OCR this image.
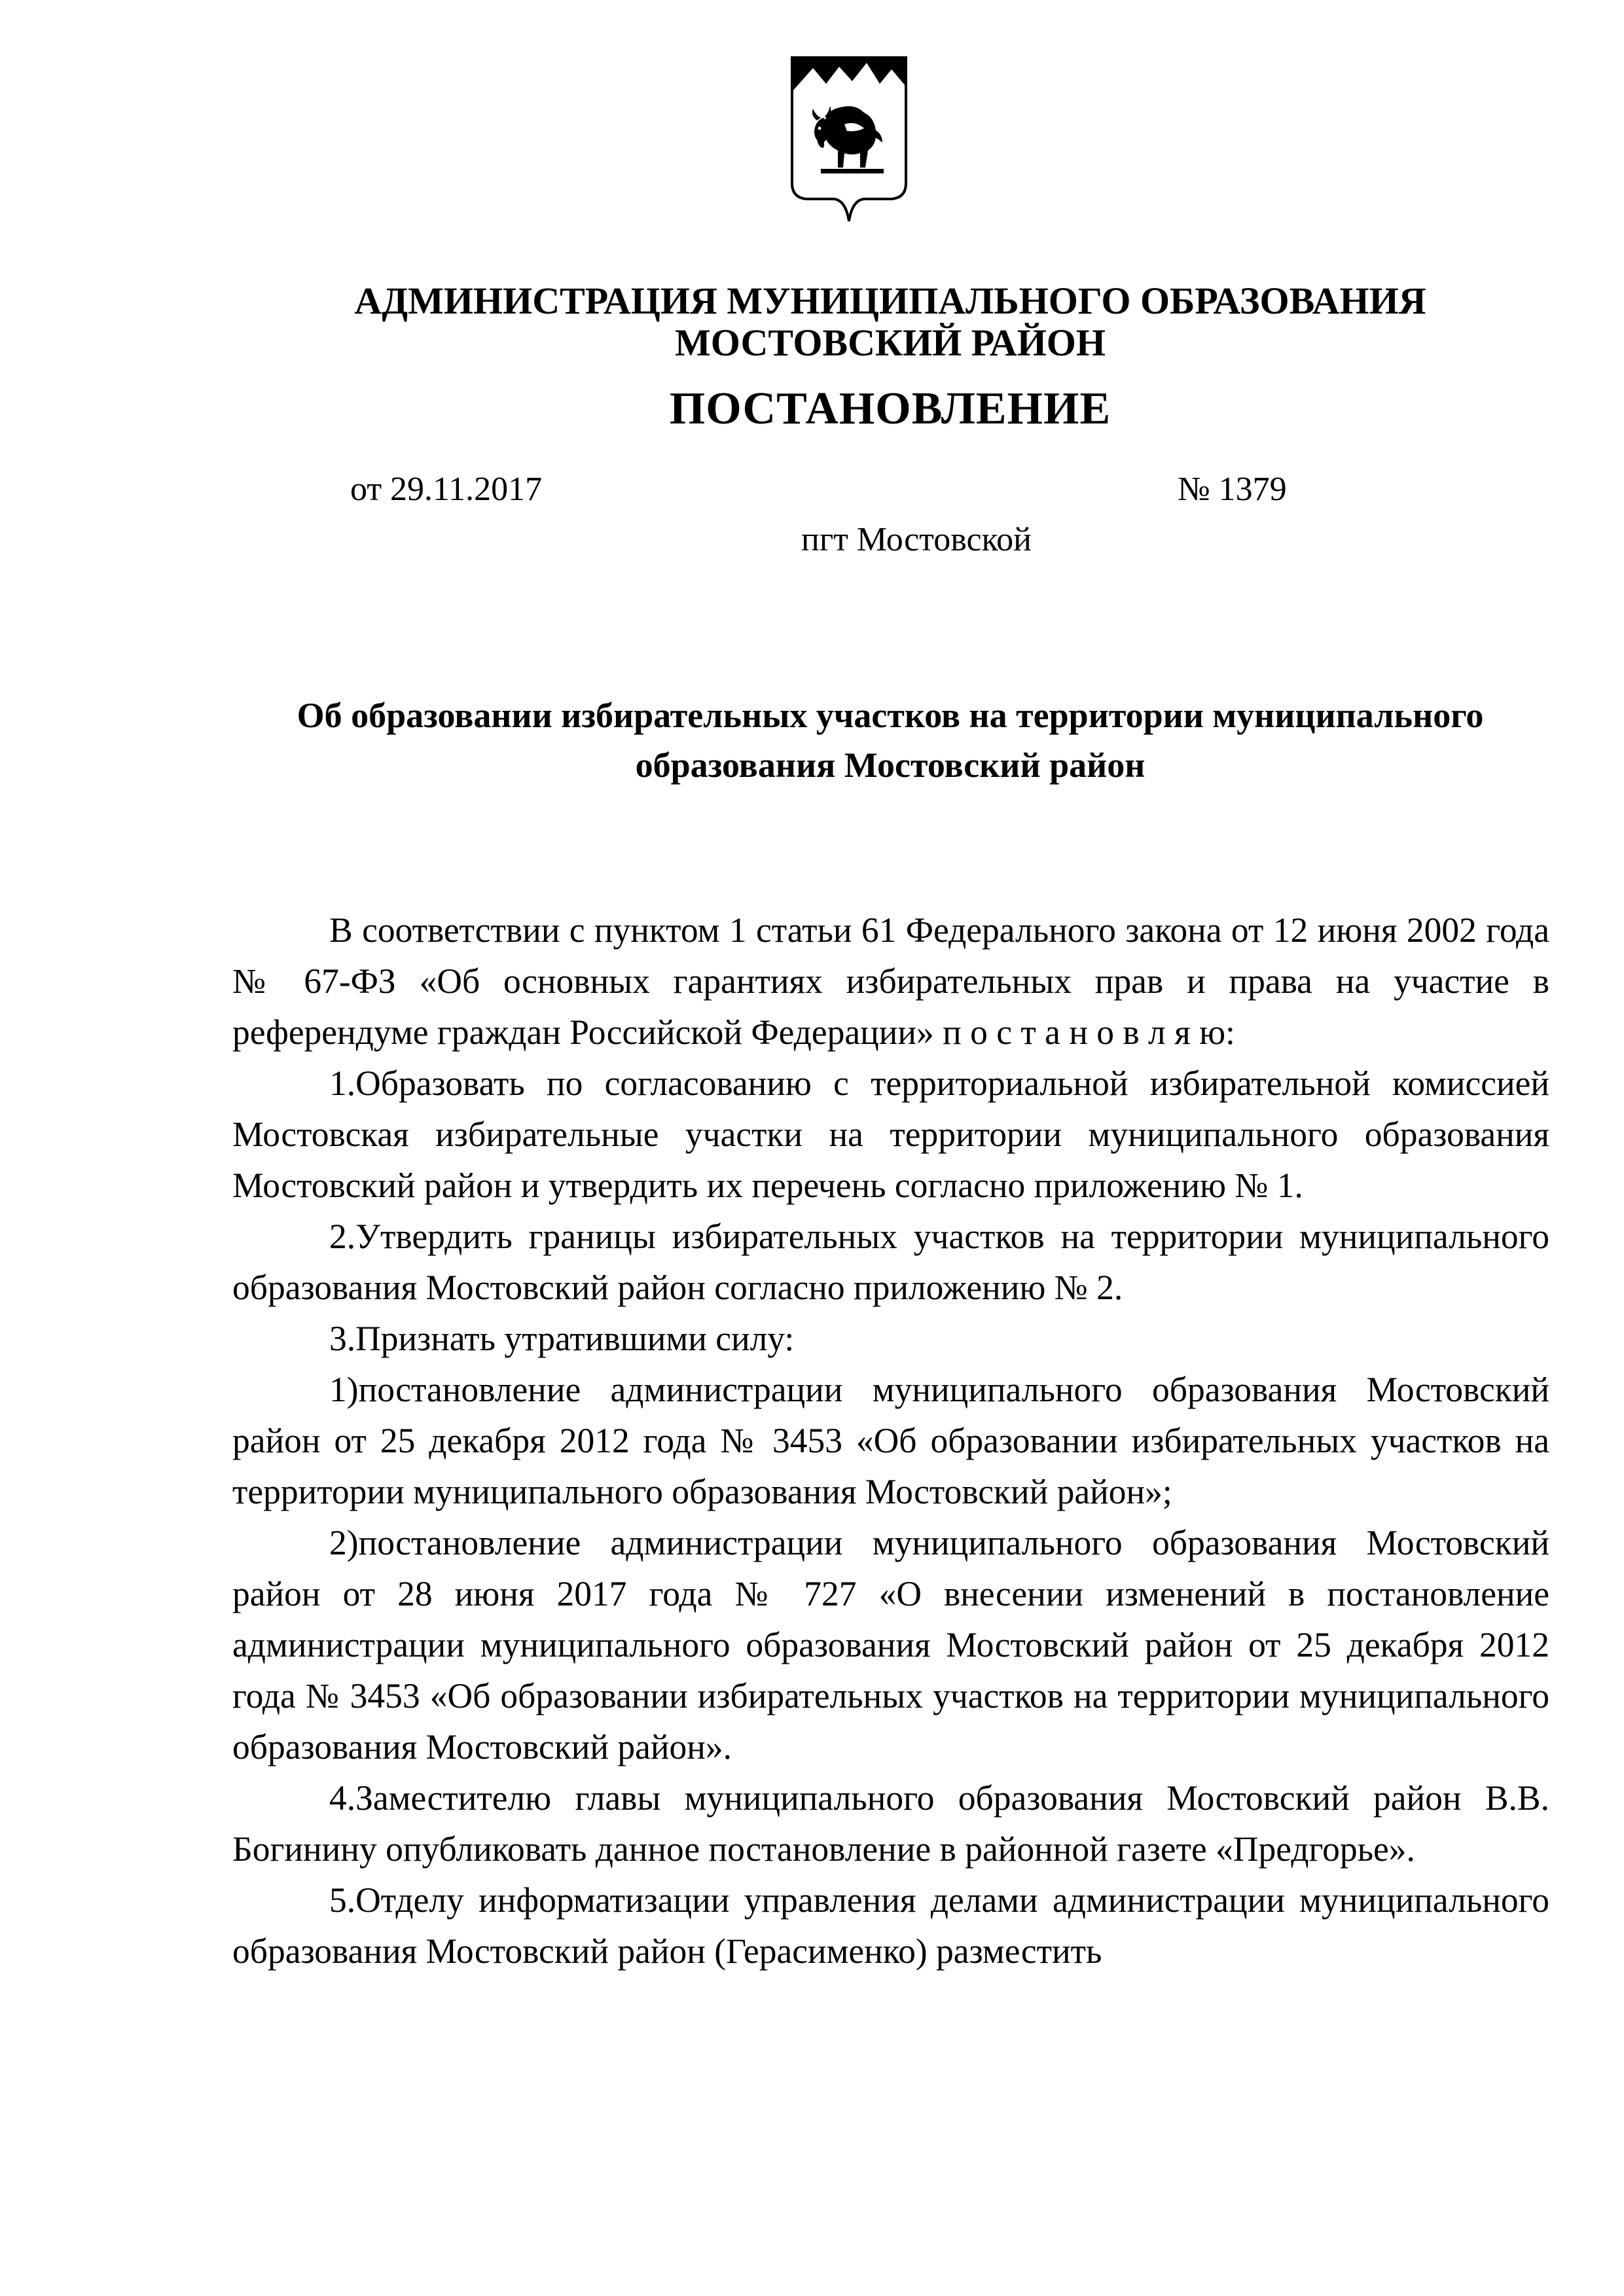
АДМИНИСТРАЦИЯ МУНИЦИПАЛЬНОГО ОБРАЗОВАНИЯ
МОСТОВСКИЙ РАЙОН
ПОСТАНОВЛЕНИЕ
от 29.11.2017	№ 1379
пгт Мостовской
Об образовании избирательных участков на территории муниципального
образования Мостовский район

В соответствии с пунктом 1 статьи 61 Федерального закона от 12 июня 2002 года № 67-ФЗ «Об основных гарантиях избирательных прав и права на участие в референдуме граждан Российской Федерации» п о с т а н о в л я ю:

1.Образовать по согласованию с территориальной избирательной комиссией Мостовская избирательные участки на территории муниципального образования Мостовский район и утвердить их перечень согласно приложению № 1.

2.Утвердить границы избирательных участков на территории муниципального образования Мостовский район согласно приложению № 2.

3.Признать утратившими силу:

1)постановление администрации муниципального образования Мостовский район от 25 декабря 2012 года № 3453 «Об образовании избирательных участков на территории муниципального образования Мостовский район»;

2)постановление администрации муниципального образования Мостовский район от 28 июня 2017 года № 727 «О внесении изменений в постановление администрации муниципального образования Мостовский район от 25 декабря 2012 года № 3453 «Об образовании избирательных участков на территории муниципального образования Мостовский район».

4.Заместителю главы муниципального образования Мостовский район В.В. Богинину опубликовать данное постановление в районной газете «Предгорье».

5.Отделу информатизации управления делами администрации муниципального образования Мостовский район (Герасименко) разместить
